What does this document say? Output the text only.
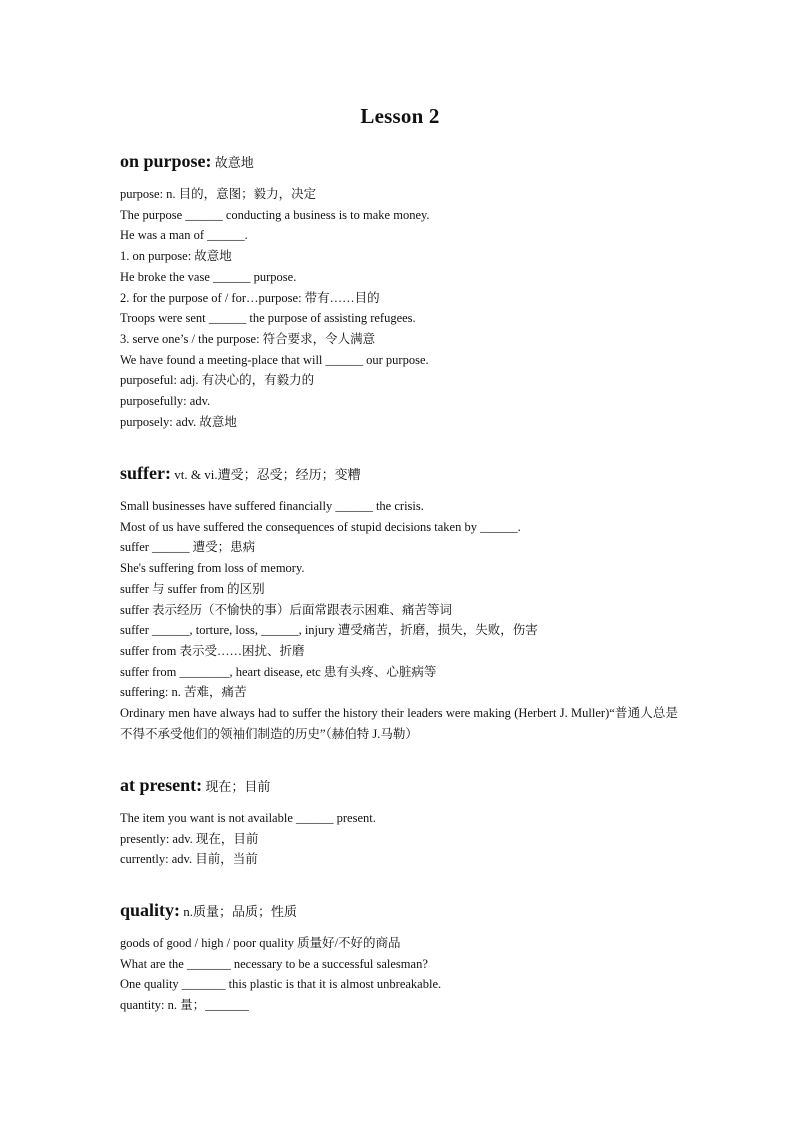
Lesson 2

on purpose: 故意地

purpose: n. 目的，意图；毅力，决定
The purpose ______ conducting a business is to make money.
He was a man of ______.
1. on purpose: 故意地
He broke the vase ______ purpose.
2. for the purpose of / for…purpose: 带有……目的
Troops were sent ______ the purpose of assisting refugees.
3. serve one’s / the purpose: 符合要求，令人满意
We have found a meeting-place that will ______ our purpose.
purposeful: adj. 有决心的，有毅力的
purposefully: adv.
purposely: adv. 故意地

suffer: vt. & vi.遭受；忍受；经历；变糟

Small businesses have suffered financially ______ the crisis.
Most of us have suffered the consequences of stupid decisions taken by ______.
suffer ______ 遭受；患病
She's suffering from loss of memory.
suffer 与 suffer from 的区别
suffer 表示经历（不愉快的事）后面常跟表示困难、痛苦等词
suffer ______, torture, loss, ______, injury 遭受痛苦，折磨，损失，失败，伤害
suffer from 表示受……困扰、折磨
suffer from ________, heart disease, etc 患有头疼、心脏病等
suffering: n. 苦难，痛苦
Ordinary men have always had to suffer the history their leaders were making (Herbert J. Muller)“普通人总是不得不承受他们的领袖们制造的历史”（赫伯特 J.马勒）

at present: 现在；目前

The item you want is not available ______ present.
presently: adv. 现在，目前
currently: adv. 目前，当前

quality: n.质量；品质；性质

goods of good / high / poor quality 质量好/不好的商品
What are the _______ necessary to be a successful salesman?
One quality _______ this plastic is that it is almost unbreakable.
quantity: n. 量；_______
